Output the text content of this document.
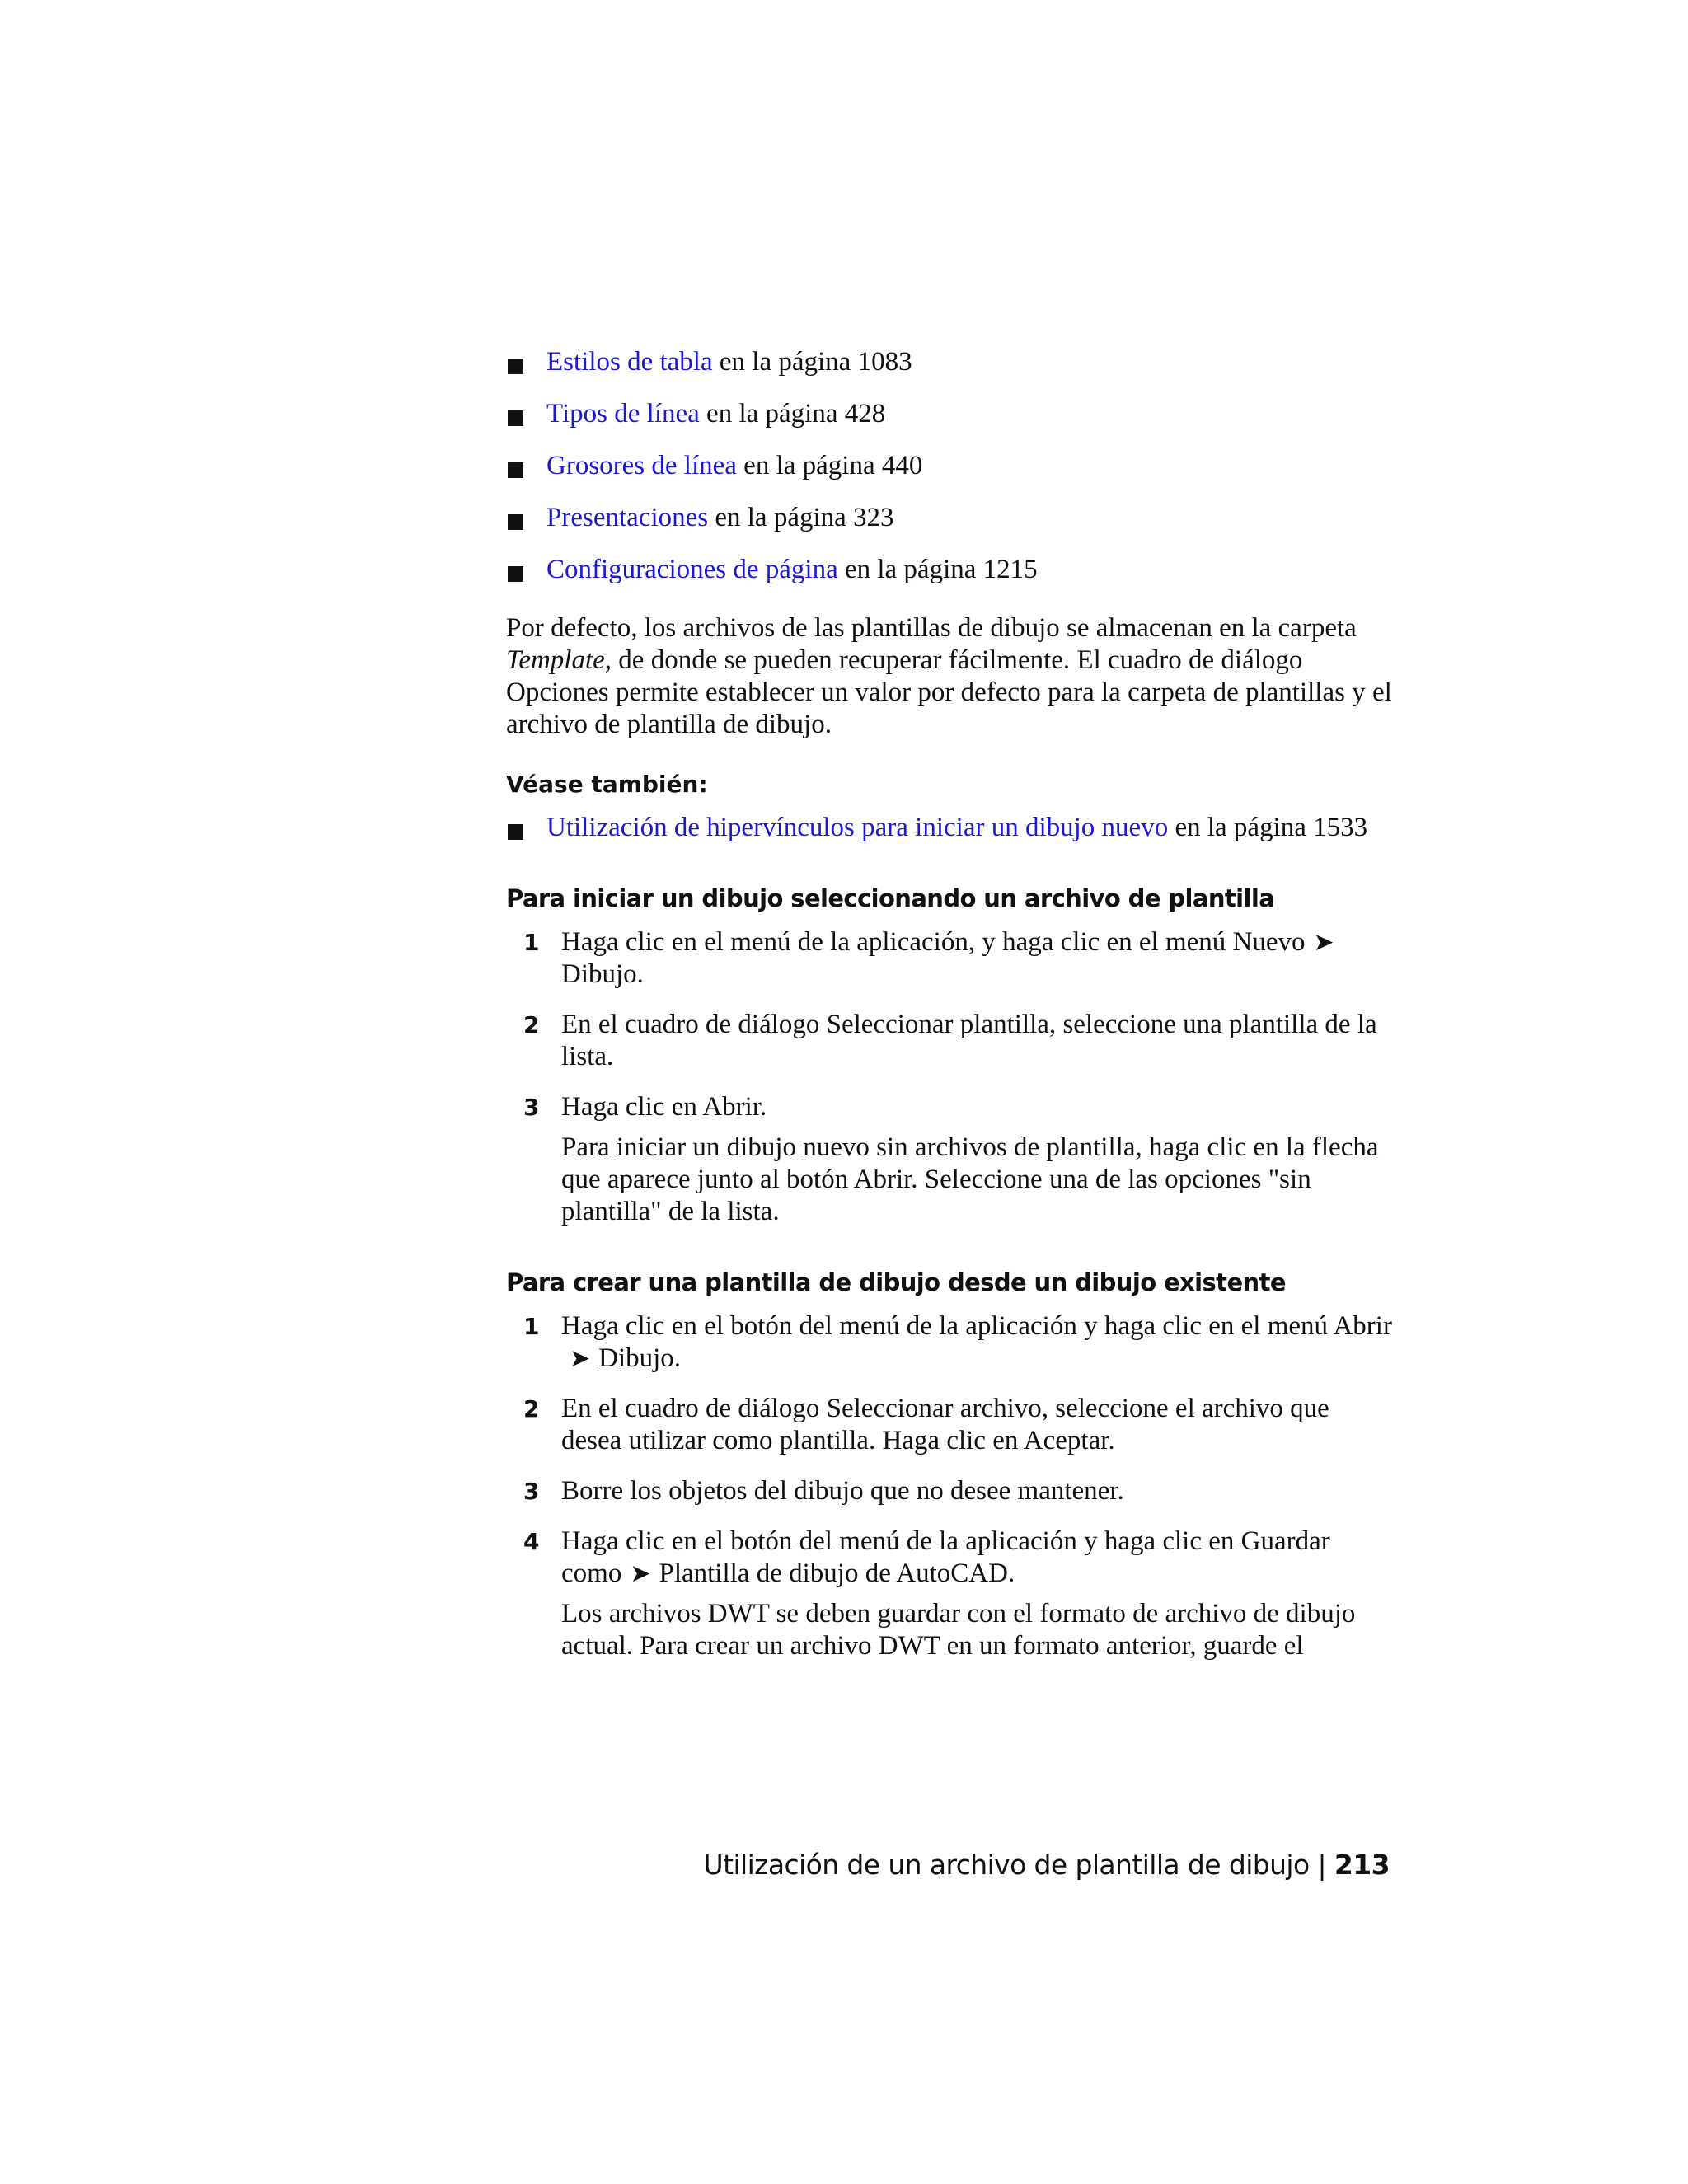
Estilos de tabla en la página 1083
Tipos de línea en la página 428
Grosores de línea en la página 440
Presentaciones en la página 323
Configuraciones de página en la página 1215

Por defecto, los archivos de las plantillas de dibujo se almacenan en la carpeta Template, de donde se pueden recuperar fácilmente. El cuadro de diálogo Opciones permite establecer un valor por defecto para la carpeta de plantillas y el archivo de plantilla de dibujo.

Véase también:
Utilización de hipervínculos para iniciar un dibujo nuevo en la página 1533
Para iniciar un dibujo seleccionando un archivo de plantilla
1 Haga clic en el menú de la aplicación, y haga clic en el menú Nuevo ➤Dibujo.
2 En el cuadro de diálogo Seleccionar plantilla, seleccione una plantilla de la lista.
3 Haga clic en Abrir.
Para iniciar un dibujo nuevo sin archivos de plantilla, haga clic en la flecha que aparece junto al botón Abrir. Seleccione una de las opciones "sin plantilla" de la lista.
Para crear una plantilla de dibujo desde un dibujo existente
1 Haga clic en el botón del menú de la aplicación y haga clic en el menú Abrir➤ Dibujo.
2 En el cuadro de diálogo Seleccionar archivo, seleccione el archivo que desea utilizar como plantilla. Haga clic en Aceptar.
3 Borre los objetos del dibujo que no desee mantener.
4 Haga clic en el botón del menú de la aplicación y haga clic en Guardar como ➤ Plantilla de dibujo de AutoCAD.
Los archivos DWT se deben guardar con el formato de archivo de dibujo actual. Para crear un archivo DWT en un formato anterior, guarde el
Utilización de un archivo de plantilla de dibujo | 213
